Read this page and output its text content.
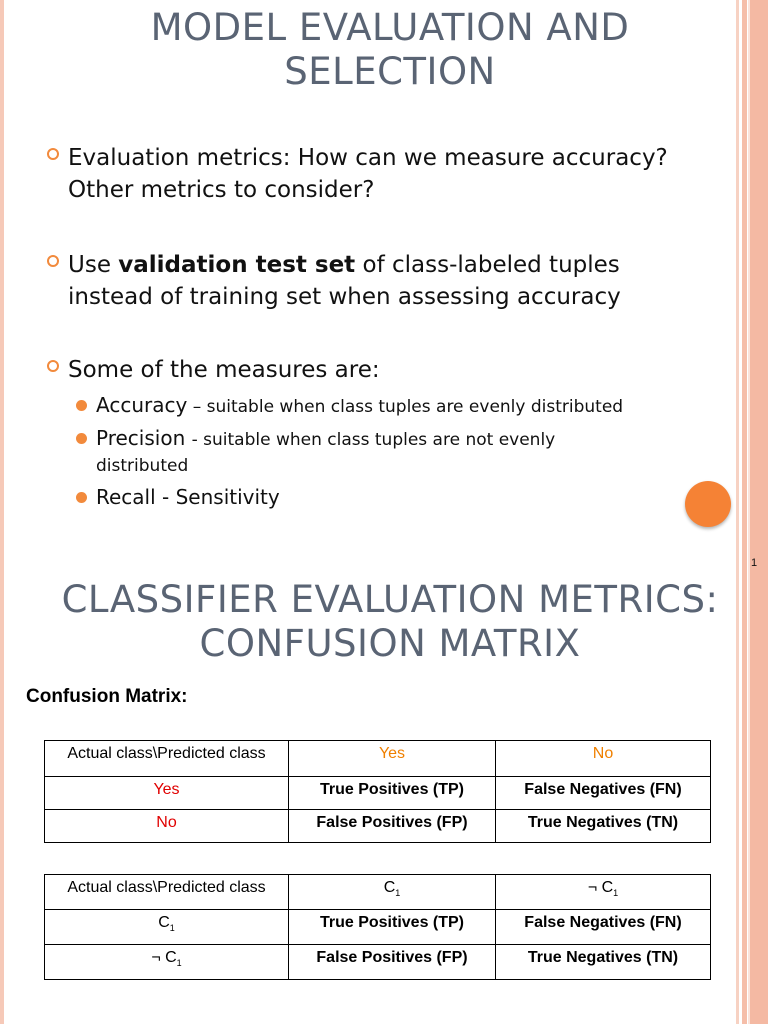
MODEL EVALUATION AND
SELECTION
Evaluation metrics: How can we measure accuracy?
Other metrics to consider?
Use validation test set of class-labeled tuples
instead of training set when assessing accuracy
Some of the measures are:
Accuracy – suitable when class tuples are evenly distributed
Precision - suitable when class tuples are not evenly
distributed
Recall - Sensitivity
1
CLASSIFIER EVALUATION METRICS:
CONFUSION MATRIX
Confusion Matrix:
Actual class\Predicted class	Yes	No
Yes	True Positives (TP)	False Negatives (FN)
No	False Positives (FP)	True Negatives (TN)
Actual class\Predicted class	$C_1$	¬ $C_1$
$C_1$	True Positives (TP)	False Negatives (FN)
¬ $C_1$	False Positives (FP)	True Negatives (TN)
